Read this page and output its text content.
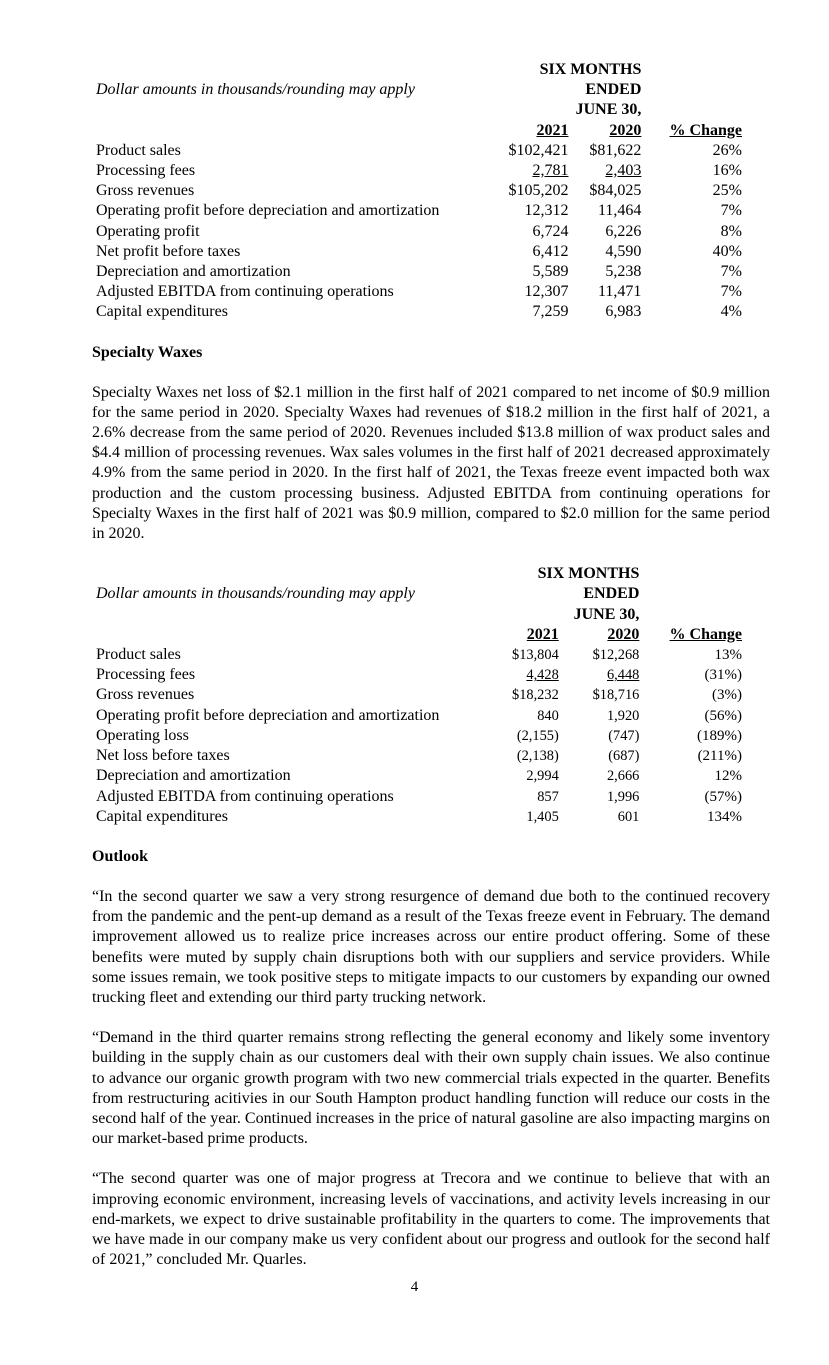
	SIX MONTHS		
Dollar amounts in thousands/rounding may apply	ENDED		
	JUNE 30,		
	2021	2020	% Change
Product sales	$102,421	$81,622	26%
Processing fees	2,781	2,403	16%
Gross revenues	$105,202	$84,025	25%
Operating profit before depreciation and amortization	12,312	11,464	7%
Operating profit	6,724	6,226	8%
Net profit before taxes	6,412	4,590	40%
Depreciation and amortization	5,589	5,238	7%
Adjusted EBITDA from continuing operations	12,307	11,471	7%
Capital expenditures	7,259	6,983	4%
Specialty Waxes

Specialty Waxes net loss of $2.1 million in the first half of 2021 compared to net income of $0.9 million for the same period in 2020. Specialty Waxes had revenues of $18.2 million in the first half of 2021, a 2.6% decrease from the same period of 2020. Revenues included $13.8 million of wax product sales and $4.4 million of processing revenues. Wax sales volumes in the first half of 2021 decreased approximately 4.9% from the same period in 2020. In the first half of 2021, the Texas freeze event impacted both wax production and the custom processing business. Adjusted EBITDA from continuing operations for Specialty Waxes in the first half of 2021 was $0.9 million, compared to $2.0 million for the same period in 2020.

	SIX MONTHS		
Dollar amounts in thousands/rounding may apply	ENDED		
	JUNE 30,		
	2021	2020	% Change
Product sales	$13,804	$12,268	13%
Processing fees	4,428	6,448	(31%)
Gross revenues	$18,232	$18,716	(3%)
Operating profit before depreciation and amortization	840	1,920	(56%)
Operating loss	(2,155)	(747)	(189%)
Net loss before taxes	(2,138)	(687)	(211%)
Depreciation and amortization	2,994	2,666	12%
Adjusted EBITDA from continuing operations	857	1,996	(57%)
Capital expenditures	1,405	601	134%
Outlook

“In the second quarter we saw a very strong resurgence of demand due both to the continued recovery from the pandemic and the pent-up demand as a result of the Texas freeze event in February. The demand improvement allowed us to realize price increases across our entire product offering. Some of these benefits were muted by supply chain disruptions both with our suppliers and service providers. While some issues remain, we took positive steps to mitigate impacts to our customers by expanding our owned trucking fleet and extending our third party trucking network.

“Demand in the third quarter remains strong reflecting the general economy and likely some inventory building in the supply chain as our customers deal with their own supply chain issues. We also continue to advance our organic growth program with two new commercial trials expected in the quarter. Benefits from restructuring acitivies in our South Hampton product handling function will reduce our costs in the second half of the year. Continued increases in the price of natural gasoline are also impacting margins on our market-based prime products.

“The second quarter was one of major progress at Trecora and we continue to believe that with an improving economic environment, increasing levels of vaccinations, and activity levels increasing in our end-markets, we expect to drive sustainable profitability in the quarters to come. The improvements that we have made in our company make us very confident about our progress and outlook for the second half of 2021,” concluded Mr. Quarles.

4
